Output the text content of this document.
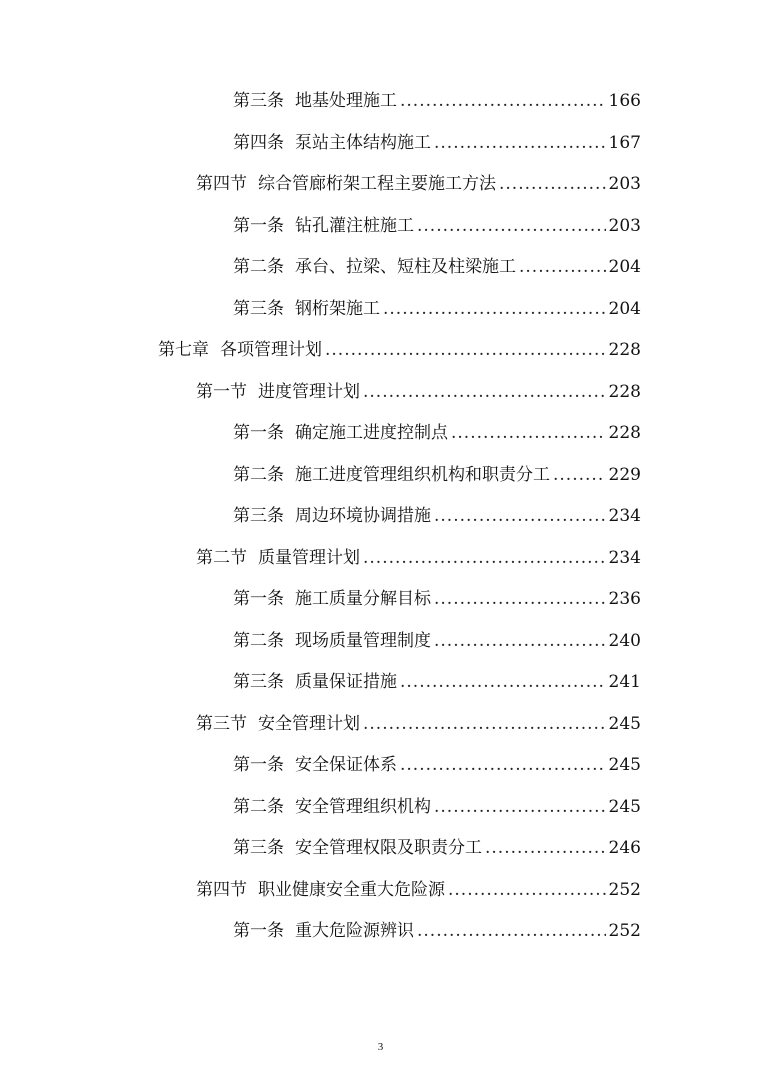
第三条 地基处理施工 .....	166
第四条 泵站主体结构施工 .....	167
第四节 综合管廊桁架工程主要施工方法 .....	203
第一条 钻孔灌注桩施工 .....	203
第二条 承台、拉梁、短柱及柱梁施工 .....	204
第三条 钢桁架施工 .....	204
第七章 各项管理计划 .....	228
第一节 进度管理计划 .....	228
第一条 确定施工进度控制点 .....	228
第二条 施工进度管理组织机构和职责分工 .....	229
第三条 周边环境协调措施 .....	234
第二节 质量管理计划 .....	234
第一条 施工质量分解目标 .....	236
第二条 现场质量管理制度 .....	240
第三条 质量保证措施 .....	241
第三节 安全管理计划 .....	245
第一条 安全保证体系 .....	245
第二条 安全管理组织机构 .....	245
第三条 安全管理权限及职责分工 .....	246
第四节 职业健康安全重大危险源 .....	252
第一条 重大危险源辨识 .....	252
3
